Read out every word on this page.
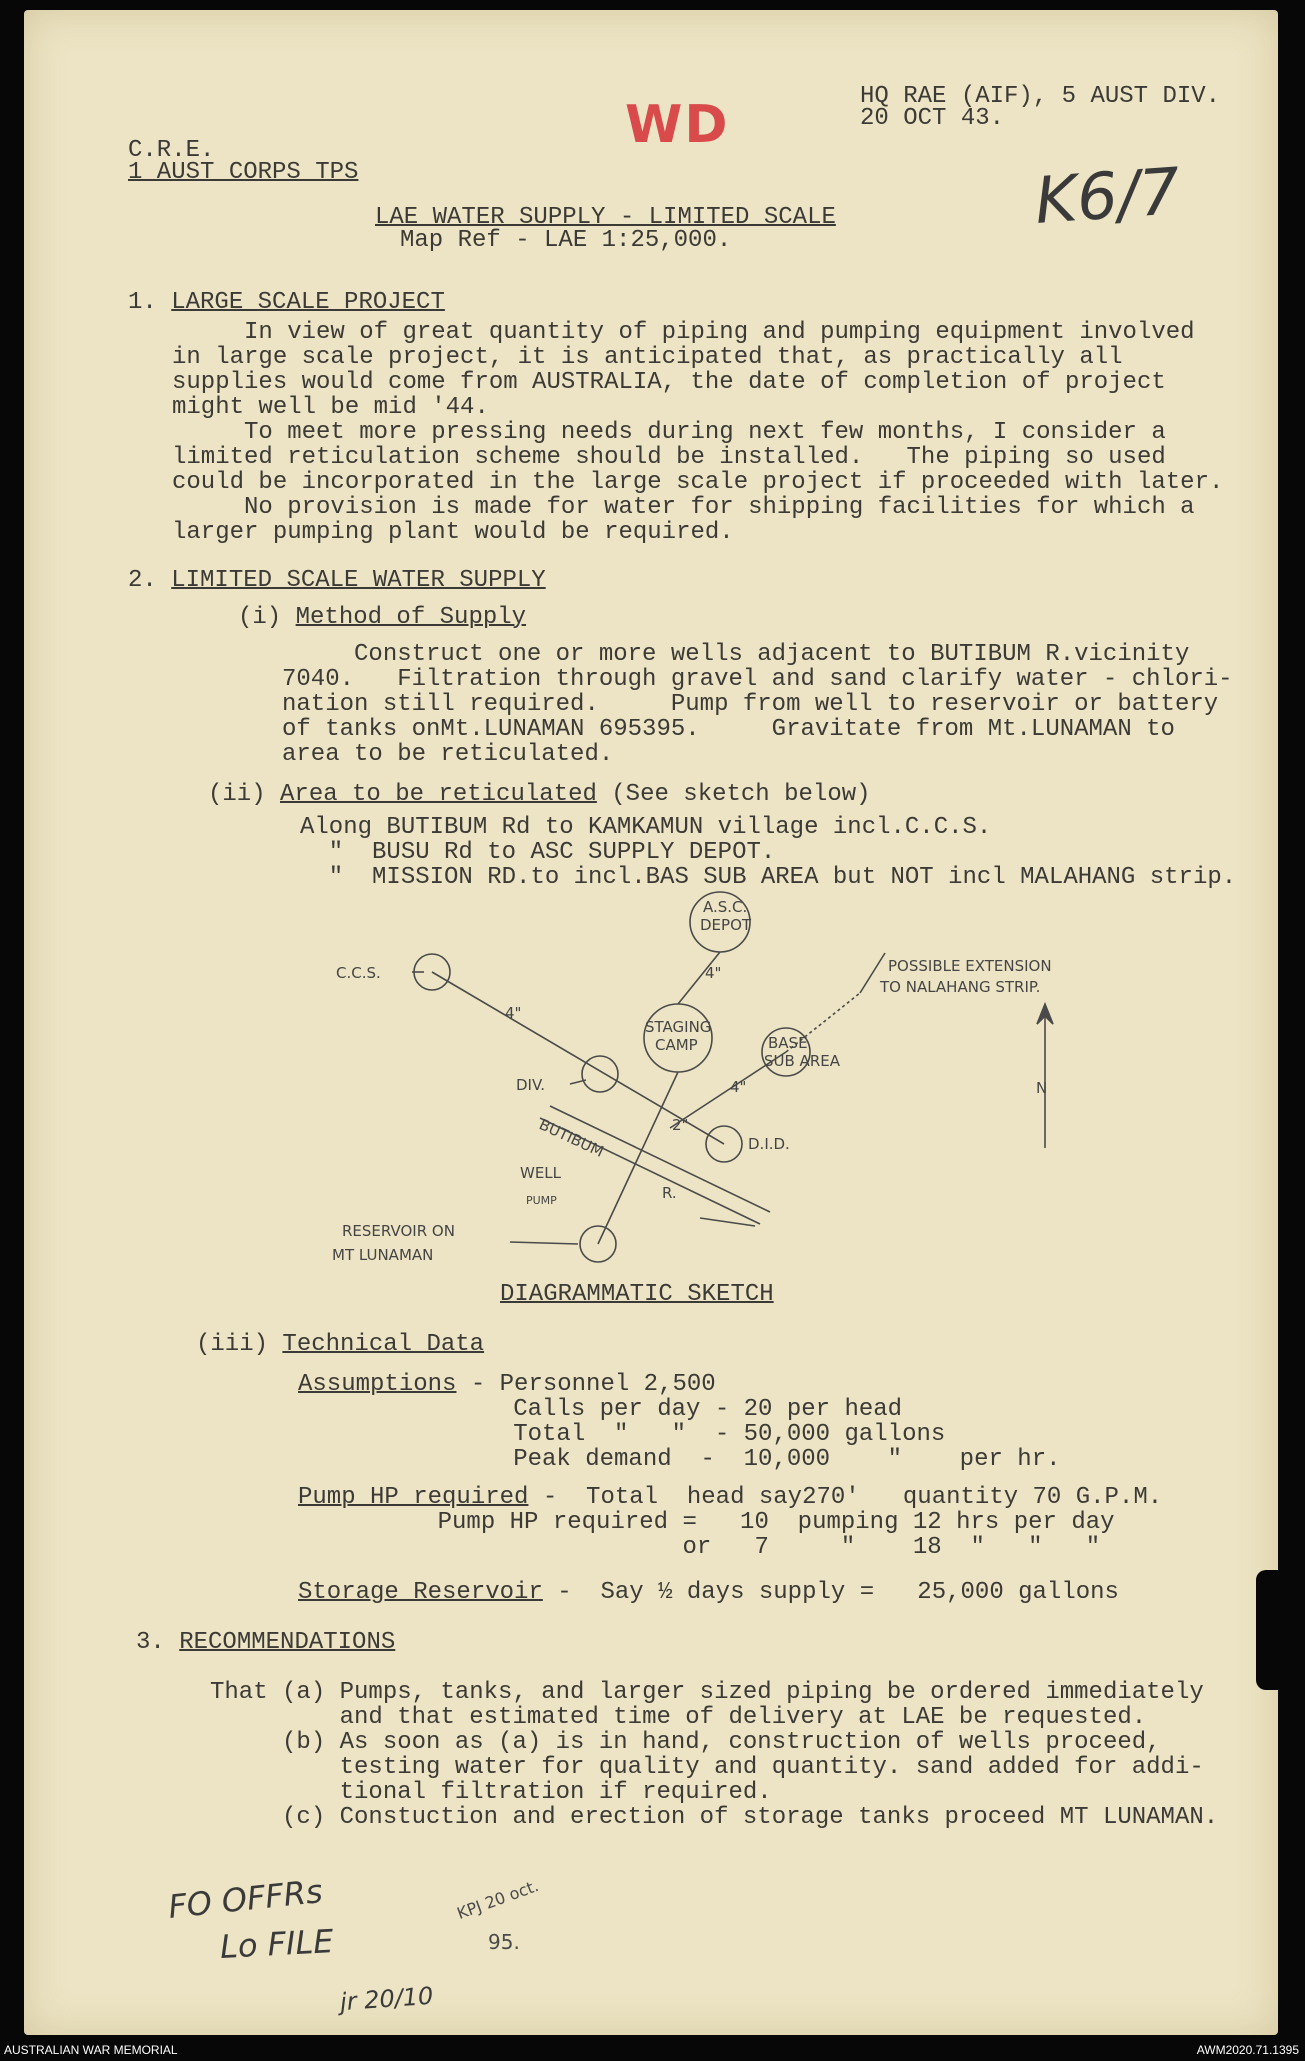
HQ RAE (AIF), 5 AUST DIV.
20 OCT 43.
C.R.E.
1 AUST CORPS TPS
WD
K6/7
LAE WATER SUPPLY - LIMITED SCALE
Map Ref - LAE 1:25,000.
1. LARGE SCALE PROJECT
In view of great quantity of piping and pumping equipment involved
in large scale project, it is anticipated that, as practically all
supplies would come from AUSTRALIA, the date of completion of project
might well be mid '44.
To meet more pressing needs during next few months, I consider a
limited reticulation scheme should be installed.   The piping so used
could be incorporated in the large scale project if proceeded with later.
No provision is made for water for shipping facilities for which a
larger pumping plant would be required.
2. LIMITED SCALE WATER SUPPLY
(i) Method of Supply
Construct one or more wells adjacent to BUTIBUM R.vicinity
7040.   Filtration through gravel and sand clarify water - chlori-
nation still required.     Pump from well to reservoir or battery
of tanks onMt.LUNAMAN 695395.     Gravitate from Mt.LUNAMAN to
area to be reticulated.
(ii) Area to be reticulated (See sketch below)
Along BUTIBUM Rd to KAMKAMUN village incl.C.C.S.
"  BUSU Rd to ASC SUPPLY DEPOT.
"  MISSION RD.to incl.BAS SUB AREA but NOT incl MALAHANG strip.
A.S.C.
DEPOT
C.C.S.
4"
4"
4"
2"
STAGING
CAMP	BASE
SUB AREA
POSSIBLE EXTENSION
TO NALAHANG STRIP.
DIV.
D.I.D.
BUTIBUM
R.
WELL
PUMP
RESERVOIR ON
MT LUNAMAN
N
DIAGRAMMATIC SKETCH
(iii) Technical Data
Assumptions - Personnel 2,500
Calls per day - 20 per head
Total  "   "  - 50,000 gallons
Peak demand  -  10,000    "    per hr.
Pump HP required -  Total  head say270'   quantity 70 G.P.M.
Pump HP required =   10  pumping 12 hrs per day
or   7     "    18  "   "   "
Storage Reservoir -  Say ½ days supply =   25,000 gallons
3. RECOMMENDATIONS
That (a) Pumps, tanks, and larger sized piping be ordered immediately
and that estimated time of delivery at LAE be requested.
(b) As soon as (a) is in hand, construction of wells proceed,
testing water for quality and quantity. sand added for addi-
tional filtration if required.
(c) Constuction and erection of storage tanks proceed MT LUNAMAN.
FO OFFRs
Lo FILE
jr 20/10
KPJ 20 oct.
95.
AUSTRALIAN WAR MEMORIAL	AWM2020.71.1395
